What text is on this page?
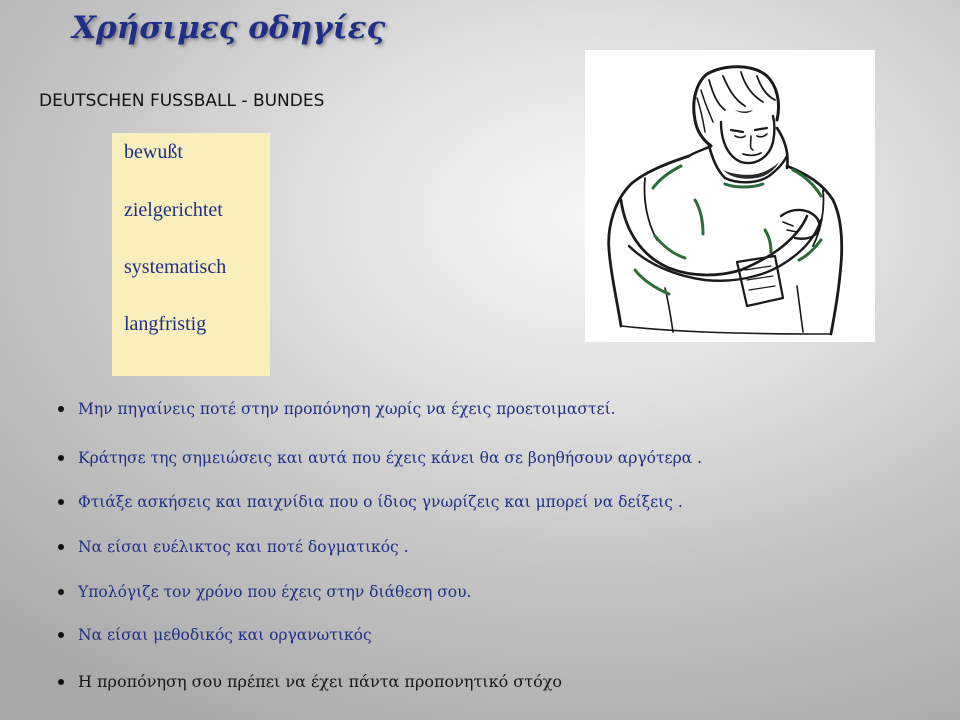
Χρήσιμες οδηγίες
DEUTSCHEN FUSSBALL - BUNDES
bewußt
zielgerichtet
systematisch
langfristig
Μην πηγαίνεις ποτέ στην προπόνηση χωρίς να έχεις προετοιμαστεί.
Κράτησε της σημειώσεις και αυτά που έχεις κάνει θα σε βοηθήσουν αργότερα .
Φτιάξε ασκήσεις και παιχνίδια που ο ίδιος γνωρίζεις και μπορεί να δείξεις .
Να είσαι ευέλικτος και ποτέ δογματικός .
Υπολόγιζε τον χρόνο που έχεις στην διάθεση σου.
Να είσαι μεθοδικός και οργανωτικός
Η προπόνηση σου πρέπει να έχει πάντα προπονητικό στόχο
